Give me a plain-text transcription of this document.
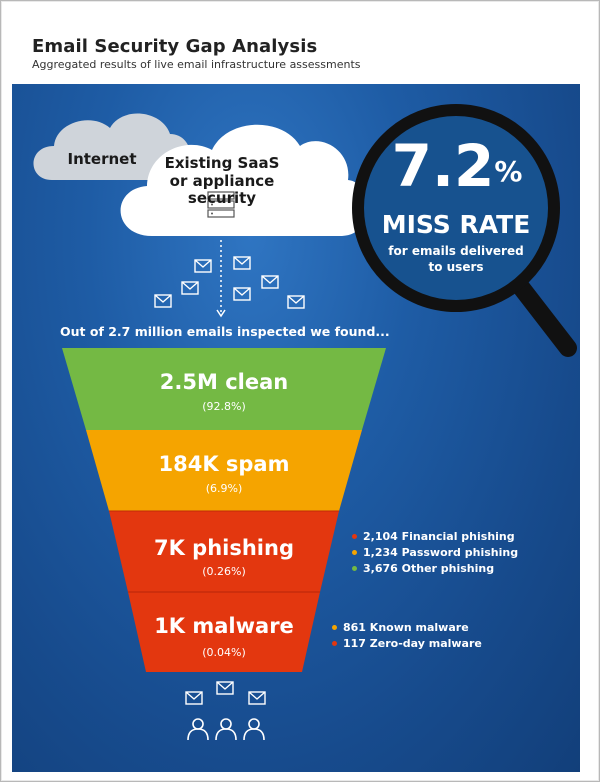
Email Security Gap Analysis
Aggregated results of live email infrastructure assessments
Internet	Existing SaaS
or appliance
security	7.2%
MISS RATE
for emails delivered
to users
Out of 2.7 million emails inspected we found...
2.5M clean
(92.8%)
184K spam
(6.9%)
7K phishing
(0.26%)
1K malware
(0.04%)
2,104 Financial phishing
1,234 Password phishing
3,676 Other phishing
861 Known malware
117 Zero-day malware
